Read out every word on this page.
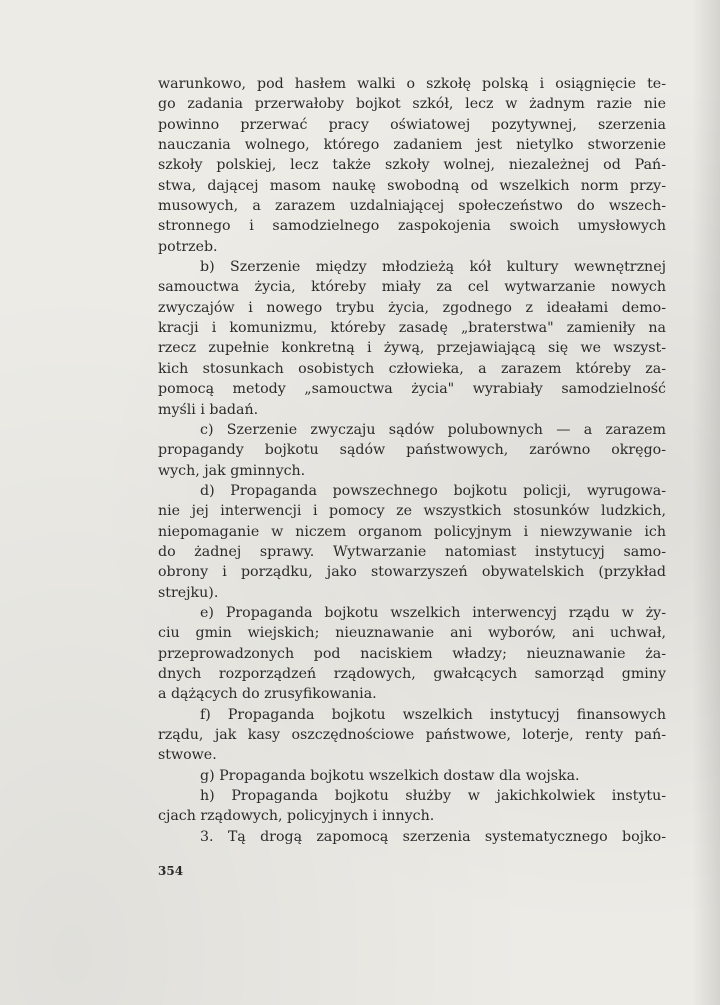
warunkowo, pod hasłem walki o szkołę polską i osiągnięcie te-
go zadania przerwałoby bojkot szkół, lecz w żadnym razie nie
powinno przerwać pracy oświatowej pozytywnej, szerzenia
nauczania wolnego, którego zadaniem jest nietylko stworzenie
szkoły polskiej, lecz także szkoły wolnej, niezależnej od Pań-
stwa, dającej masom naukę swobodną od wszelkich norm przy-
musowych, a zarazem uzdalniającej społeczeństwo do wszech-
stronnego i samodzielnego zaspokojenia swoich umysłowych
potrzeb.
b) Szerzenie między młodzieżą kół kultury wewnętrznej
samouctwa życia, któreby miały za cel wytwarzanie nowych
zwyczajów i nowego trybu życia, zgodnego z ideałami demo-
kracji i komunizmu, któreby zasadę „braterstwa" zamieniły na
rzecz zupełnie konkretną i żywą, przejawiającą się we wszyst-
kich stosunkach osobistych człowieka, a zarazem któreby za-
pomocą metody „samouctwa życia" wyrabiały samodzielność
myśli i badań.
c) Szerzenie zwyczaju sądów polubownych — a zarazem
propagandy bojkotu sądów państwowych, zarówno okręgo-
wych, jak gminnych.
d) Propaganda powszechnego bojkotu policji, wyrugowa-
nie jej interwencji i pomocy ze wszystkich stosunków ludzkich,
niepomaganie w niczem organom policyjnym i niewzywanie ich
do żadnej sprawy. Wytwarzanie natomiast instytucyj samo-
obrony i porządku, jako stowarzyszeń obywatelskich (przykład
strejku).
e) Propaganda bojkotu wszelkich interwencyj rządu w ży-
ciu gmin wiejskich; nieuznawanie ani wyborów, ani uchwał,
przeprowadzonych pod naciskiem władzy; nieuznawanie ża-
dnych rozporządzeń rządowych, gwałcących samorząd gminy
a dążących do zrusyfikowania.
f) Propaganda bojkotu wszelkich instytucyj finansowych
rządu, jak kasy oszczędnościowe państwowe, loterje, renty pań-
stwowe.
g) Propaganda bojkotu wszelkich dostaw dla wojska.
h) Propaganda bojkotu służby w jakichkolwiek instytu-
cjach rządowych, policyjnych i innych.
3. Tą drogą zapomocą szerzenia systematycznego bojko-
354
